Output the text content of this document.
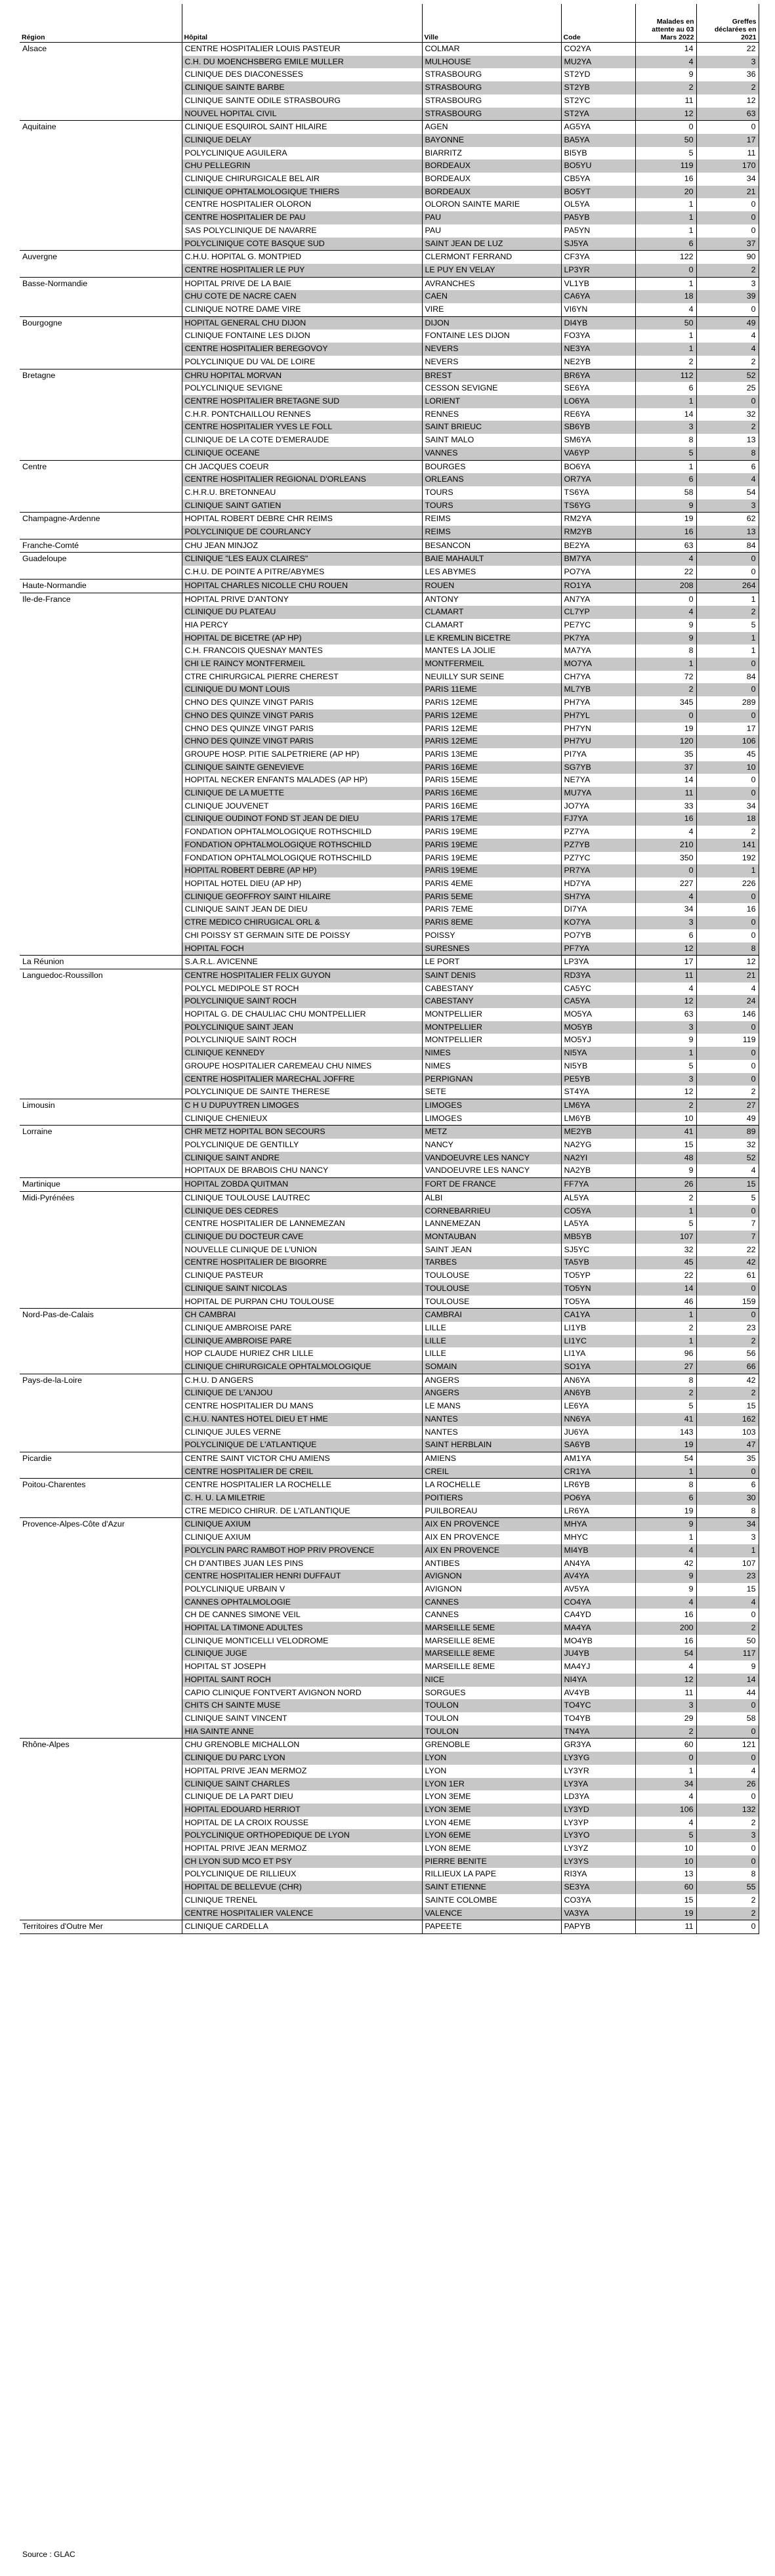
Région	Hôpital	Ville	Code	Malades en attente au 03 Mars 2022	Greffes déclarées en 2021
Alsace	CENTRE HOSPITALIER LOUIS PASTEUR	COLMAR	CO2YA	14	22
	C.H. DU MOENCHSBERG EMILE MULLER	MULHOUSE	MU2YA	4	3
	CLINIQUE DES DIACONESSES	STRASBOURG	ST2YD	9	36
	CLINIQUE SAINTE BARBE	STRASBOURG	ST2YB	2	2
	CLINIQUE SAINTE ODILE STRASBOURG	STRASBOURG	ST2YC	11	12
	NOUVEL HOPITAL CIVIL	STRASBOURG	ST2YA	12	63
Aquitaine	CLINIQUE ESQUIROL SAINT HILAIRE	AGEN	AG5YA	0	0
	CLINIQUE DELAY	BAYONNE	BA5YA	50	17
	POLYCLINIQUE AGUILERA	BIARRITZ	BI5YB	5	11
	CHU PELLEGRIN	BORDEAUX	BO5YU	119	170
	CLINIQUE CHIRURGICALE BEL AIR	BORDEAUX	CB5YA	16	34
	CLINIQUE OPHTALMOLOGIQUE THIERS	BORDEAUX	BO5YT	20	21
	CENTRE HOSPITALIER OLORON	OLORON SAINTE MARIE	OL5YA	1	0
	CENTRE HOSPITALIER DE PAU	PAU	PA5YB	1	0
	SAS POLYCLINIQUE DE NAVARRE	PAU	PA5YN	1	0
	POLYCLINIQUE COTE BASQUE SUD	SAINT JEAN DE LUZ	SJ5YA	6	37
Auvergne	C.H.U. HOPITAL G. MONTPIED	CLERMONT FERRAND	CF3YA	122	90
	CENTRE HOSPITALIER LE PUY	LE PUY EN VELAY	LP3YR	0	2
Basse-Normandie	HOPITAL PRIVE DE LA BAIE	AVRANCHES	VL1YB	1	3
	CHU COTE DE NACRE CAEN	CAEN	CA6YA	18	39
	CLINIQUE NOTRE DAME VIRE	VIRE	VI6YN	4	0
Bourgogne	HOPITAL GENERAL CHU DIJON	DIJON	DI4YB	50	49
	CLINIQUE FONTAINE LES DIJON	FONTAINE LES DIJON	FO3YA	1	4
	CENTRE HOSPITALIER BEREGOVOY	NEVERS	NE3YA	1	4
	POLYCLINIQUE DU VAL DE LOIRE	NEVERS	NE2YB	2	2
Bretagne	CHRU HOPITAL MORVAN	BREST	BR6YA	112	52
	POLYCLINIQUE SEVIGNE	CESSON SEVIGNE	SE6YA	6	25
	CENTRE HOSPITALIER BRETAGNE SUD	LORIENT	LO6YA	1	0
	C.H.R. PONTCHAILLOU RENNES	RENNES	RE6YA	14	32
	CENTRE HOSPITALIER YVES LE FOLL	SAINT BRIEUC	SB6YB	3	2
	CLINIQUE DE LA COTE D'EMERAUDE	SAINT MALO	SM6YA	8	13
	CLINIQUE OCEANE	VANNES	VA6YP	5	8
Centre	CH JACQUES COEUR	BOURGES	BO6YA	1	6
	CENTRE HOSPITALIER REGIONAL D'ORLEANS	ORLEANS	OR7YA	6	4
	C.H.R.U. BRETONNEAU	TOURS	TS6YA	58	54
	CLINIQUE SAINT GATIEN	TOURS	TS6YG	9	3
Champagne-Ardenne	HOPITAL ROBERT DEBRE CHR REIMS	REIMS	RM2YA	19	62
	POLYCLINIQUE DE COURLANCY	REIMS	RM2YB	16	13
Franche-Comté	CHU JEAN MINJOZ	BESANCON	BE2YA	63	84
Guadeloupe	CLINIQUE "LES EAUX CLAIRES"	BAIE MAHAULT	BM7YA	4	0
	C.H.U. DE POINTE A PITRE/ABYMES	LES ABYMES	PO7YA	22	0
Haute-Normandie	HOPITAL CHARLES NICOLLE CHU ROUEN	ROUEN	RO1YA	208	264
Ile-de-France	HOPITAL PRIVE D'ANTONY	ANTONY	AN7YA	0	1
	CLINIQUE DU PLATEAU	CLAMART	CL7YP	4	2
	HIA PERCY	CLAMART	PE7YC	9	5
	HOPITAL DE BICETRE (AP HP)	LE KREMLIN BICETRE	PK7YA	9	1
	C.H. FRANCOIS QUESNAY MANTES	MANTES LA JOLIE	MA7YA	8	1
	CHI LE RAINCY MONTFERMEIL	MONTFERMEIL	MO7YA	1	0
	CTRE CHIRURGICAL PIERRE CHEREST	NEUILLY SUR SEINE	CH7YA	72	84
	CLINIQUE DU MONT LOUIS	PARIS 11EME	ML7YB	2	0
	CHNO DES QUINZE VINGT PARIS	PARIS 12EME	PH7YA	345	289
	CHNO DES QUINZE VINGT PARIS	PARIS 12EME	PH7YL	0	0
	CHNO DES QUINZE VINGT PARIS	PARIS 12EME	PH7YN	19	17
	CHNO DES QUINZE VINGT PARIS	PARIS 12EME	PH7YU	120	106
	GROUPE HOSP. PITIE SALPETRIERE (AP HP)	PARIS 13EME	PI7YA	35	45
	CLINIQUE SAINTE GENEVIEVE	PARIS 16EME	SG7YB	37	10
	HOPITAL NECKER ENFANTS MALADES (AP HP)	PARIS 15EME	NE7YA	14	0
	CLINIQUE DE LA MUETTE	PARIS 16EME	MU7YA	11	0
	CLINIQUE JOUVENET	PARIS 16EME	JO7YA	33	34
	CLINIQUE OUDINOT FOND ST JEAN DE DIEU	PARIS 17EME	FJ7YA	16	18
	FONDATION OPHTALMOLOGIQUE ROTHSCHILD	PARIS 19EME	PZ7YA	4	2
	FONDATION OPHTALMOLOGIQUE ROTHSCHILD	PARIS 19EME	PZ7YB	210	141
	FONDATION OPHTALMOLOGIQUE ROTHSCHILD	PARIS 19EME	PZ7YC	350	192
	HOPITAL ROBERT DEBRE (AP HP)	PARIS 19EME	PR7YA	0	1
	HOPITAL HOTEL DIEU (AP HP)	PARIS 4EME	HD7YA	227	226
	CLINIQUE GEOFFROY SAINT HILAIRE	PARIS 5EME	SH7YA	4	0
	CLINIQUE SAINT JEAN DE DIEU	PARIS 7EME	DI7YA	34	16
	CTRE MEDICO CHIRUGICAL ORL &	PARIS 8EME	KO7YA	3	0
	CHI POISSY ST GERMAIN SITE DE POISSY	POISSY	PO7YB	6	0
	HOPITAL FOCH	SURESNES	PF7YA	12	8
La Réunion	S.A.R.L. AVICENNE	LE PORT	LP3YA	17	12
Languedoc-Roussillon	CENTRE HOSPITALIER FELIX GUYON	SAINT DENIS	RD3YA	11	21
	POLYCL MEDIPOLE ST ROCH	CABESTANY	CA5YC	4	4
	POLYCLINIQUE SAINT ROCH	CABESTANY	CA5YA	12	24
	HOPITAL G. DE CHAULIAC CHU MONTPELLIER	MONTPELLIER	MO5YA	63	146
	POLYCLINIQUE SAINT JEAN	MONTPELLIER	MO5YB	3	0
	POLYCLINIQUE SAINT ROCH	MONTPELLIER	MO5YJ	9	119
	CLINIQUE KENNEDY	NIMES	NI5YA	1	0
	GROUPE HOSPITALIER CAREMEAU CHU NIMES	NIMES	NI5YB	5	0
	CENTRE HOSPITALIER MARECHAL JOFFRE	PERPIGNAN	PE5YB	3	0
	POLYCLINIQUE DE SAINTE THERESE	SETE	ST4YA	12	2
Limousin	C H U DUPUYTREN LIMOGES	LIMOGES	LM6YA	2	27
	CLINIQUE CHENIEUX	LIMOGES	LM6YB	10	49
Lorraine	CHR METZ HOPITAL BON SECOURS	METZ	ME2YB	41	89
	POLYCLINIQUE DE GENTILLY	NANCY	NA2YG	15	32
	CLINIQUE SAINT ANDRE	VANDOEUVRE LES NANCY	NA2YI	48	52
	HOPITAUX DE BRABOIS CHU NANCY	VANDOEUVRE LES NANCY	NA2YB	9	4
Martinique	HOPITAL ZOBDA QUITMAN	FORT DE FRANCE	FF7YA	26	15
Midi-Pyrénées	CLINIQUE TOULOUSE LAUTREC	ALBI	AL5YA	2	5
	CLINIQUE DES CEDRES	CORNEBARRIEU	CO5YA	1	0
	CENTRE HOSPITALIER DE LANNEMEZAN	LANNEMEZAN	LA5YA	5	7
	CLINIQUE DU DOCTEUR CAVE	MONTAUBAN	MB5YB	107	7
	NOUVELLE CLINIQUE DE L'UNION	SAINT JEAN	SJ5YC	32	22
	CENTRE HOSPITALIER DE BIGORRE	TARBES	TA5YB	45	42
	CLINIQUE PASTEUR	TOULOUSE	TO5YP	22	61
	CLINIQUE SAINT NICOLAS	TOULOUSE	TO5YN	14	0
	HOPITAL DE PURPAN CHU TOULOUSE	TOULOUSE	TO5YA	46	159
Nord-Pas-de-Calais	CH CAMBRAI	CAMBRAI	CA1YA	1	0
	CLINIQUE AMBROISE PARE	LILLE	LI1YB	2	23
	CLINIQUE AMBROISE PARE	LILLE	LI1YC	1	2
	HOP CLAUDE HURIEZ CHR LILLE	LILLE	LI1YA	96	56
	CLINIQUE CHIRURGICALE OPHTALMOLOGIQUE	SOMAIN	SO1YA	27	66
Pays-de-la-Loire	C.H.U. D ANGERS	ANGERS	AN6YA	8	42
	CLINIQUE DE L'ANJOU	ANGERS	AN6YB	2	2
	CENTRE HOSPITALIER DU MANS	LE MANS	LE6YA	5	15
	C.H.U. NANTES HOTEL DIEU ET HME	NANTES	NN6YA	41	162
	CLINIQUE JULES VERNE	NANTES	JU6YA	143	103
	POLYCLINIQUE DE L'ATLANTIQUE	SAINT HERBLAIN	SA6YB	19	47
Picardie	CENTRE SAINT VICTOR CHU AMIENS	AMIENS	AM1YA	54	35
	CENTRE HOSPITALIER DE CREIL	CREIL	CR1YA	1	0
Poitou-Charentes	CENTRE HOSPITALIER LA ROCHELLE	LA ROCHELLE	LR6YB	8	6
	C. H. U. LA MILETRIE	POITIERS	PO6YA	6	30
	CTRE MEDICO CHIRUR. DE L'ATLANTIQUE	PUILBOREAU	LR6YA	19	8
Provence-Alpes-Côte d'Azur	CLINIQUE AXIUM	AIX EN PROVENCE	MHYA	9	34
	CLINIQUE AXIUM	AIX EN PROVENCE	MHYC	1	3
	POLYCLIN PARC RAMBOT HOP PRIV PROVENCE	AIX EN PROVENCE	MI4YB	4	1
	CH D'ANTIBES JUAN LES PINS	ANTIBES	AN4YA	42	107
	CENTRE HOSPITALIER HENRI DUFFAUT	AVIGNON	AV4YA	9	23
	POLYCLINIQUE URBAIN V	AVIGNON	AV5YA	9	15
	CANNES OPHTALMOLOGIE	CANNES	CO4YA	4	4
	CH DE CANNES SIMONE VEIL	CANNES	CA4YD	16	0
	HOPITAL LA TIMONE ADULTES	MARSEILLE 5EME	MA4YA	200	2
	CLINIQUE MONTICELLI VELODROME	MARSEILLE 8EME	MO4YB	16	50
	CLINIQUE JUGE	MARSEILLE 8EME	JU4YB	54	117
	HOPITAL ST JOSEPH	MARSEILLE 8EME	MA4YJ	4	9
	HOPITAL SAINT ROCH	NICE	NI4YA	12	14
	CAPIO CLINIQUE FONTVERT AVIGNON NORD	SORGUES	AV4YB	11	44
	CHITS CH SAINTE MUSE	TOULON	TO4YC	3	0
	CLINIQUE SAINT VINCENT	TOULON	TO4YB	29	58
	HIA SAINTE ANNE	TOULON	TN4YA	2	0
Rhône-Alpes	CHU GRENOBLE MICHALLON	GRENOBLE	GR3YA	60	121
	CLINIQUE DU PARC LYON	LYON	LY3YG	0	0
	HOPITAL PRIVE JEAN MERMOZ	LYON	LY3YR	1	4
	CLINIQUE SAINT CHARLES	LYON 1ER	LY3YA	34	26
	CLINIQUE DE LA PART DIEU	LYON 3EME	LD3YA	4	0
	HOPITAL EDOUARD HERRIOT	LYON 3EME	LY3YD	106	132
	HOPITAL DE LA CROIX ROUSSE	LYON 4EME	LY3YP	4	2
	POLYCLINIQUE ORTHOPEDIQUE DE LYON	LYON 6EME	LY3YO	5	3
	HOPITAL PRIVE JEAN MERMOZ	LYON 8EME	LY3YZ	10	0
	CH LYON SUD MCO ET PSY	PIERRE BENITE	LY3YS	10	0
	POLYCLINIQUE DE RILLIEUX	RILLIEUX LA PAPE	RI3YA	13	8
	HOPITAL DE BELLEVUE (CHR)	SAINT ETIENNE	SE3YA	60	55
	CLINIQUE TRENEL	SAINTE COLOMBE	CO3YA	15	2
	CENTRE HOSPITALIER VALENCE	VALENCE	VA3YA	19	2
Territoires d'Outre Mer	CLINIQUE CARDELLA	PAPEETE	PAPYB	11	0
Source : GLAC
